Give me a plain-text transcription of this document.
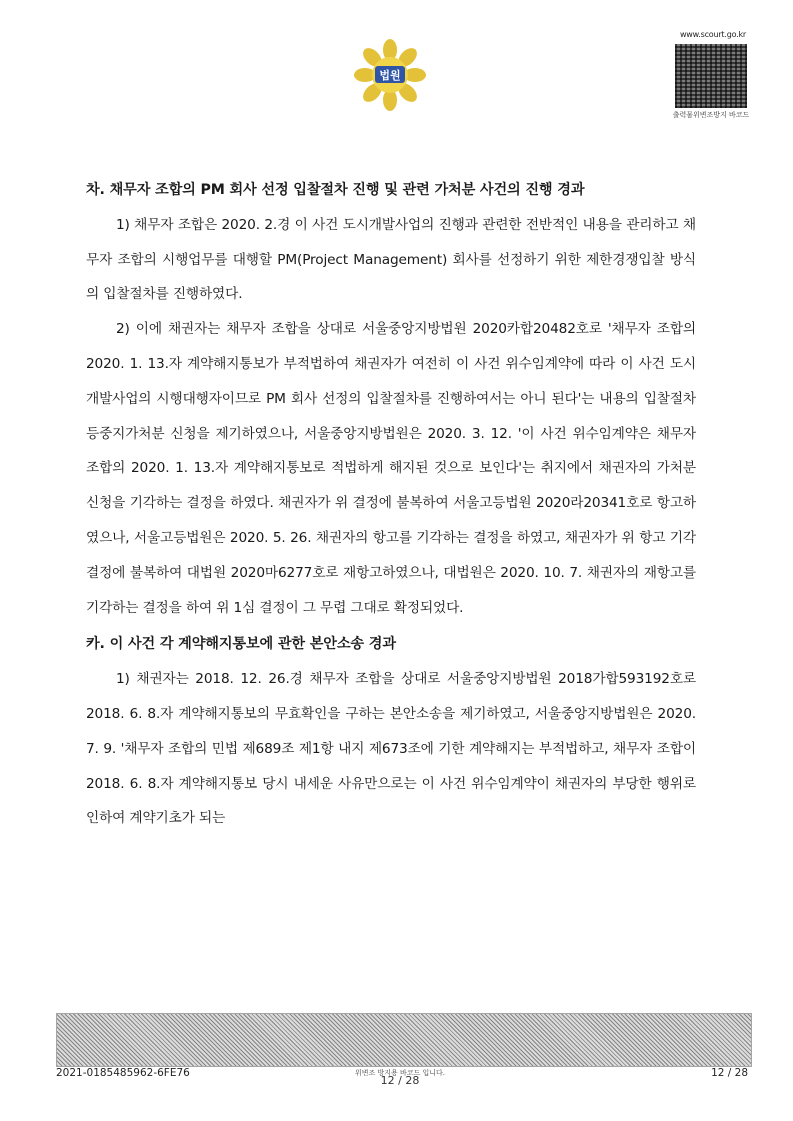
법원
www.scourt.go.kr
출력물위변조방지 바코드

차. 채무자 조합의 PM 회사 선정 입찰절차 진행 및 관련 가처분 사건의 진행 경과

1) 채무자 조합은 2020. 2.경 이 사건 도시개발사업의 진행과 관련한 전반적인 내용을 관리하고 채무자 조합의 시행업무를 대행할 PM(Project Management) 회사를 선정하기 위한 제한경쟁입찰 방식의 입찰절차를 진행하였다.

2) 이에 채권자는 채무자 조합을 상대로 서울중앙지방법원 2020카합20482호로 '채무자 조합의 2020. 1. 13.자 계약해지통보가 부적법하여 채권자가 여전히 이 사건 위수임계약에 따라 이 사건 도시개발사업의 시행대행자이므로 PM 회사 선정의 입찰절차를 진행하여서는 아니 된다'는 내용의 입찰절차등중지가처분 신청을 제기하였으나, 서울중앙지방법원은 2020. 3. 12. '이 사건 위수임계약은 채무자 조합의 2020. 1. 13.자 계약해지통보로 적법하게 해지된 것으로 보인다'는 취지에서 채권자의 가처분 신청을 기각하는 결정을 하였다. 채권자가 위 결정에 불복하여 서울고등법원 2020라20341호로 항고하였으나, 서울고등법원은 2020. 5. 26. 채권자의 항고를 기각하는 결정을 하였고, 채권자가 위 항고 기각 결정에 불복하여 대법원 2020마6277호로 재항고하였으나, 대법원은 2020. 10. 7. 채권자의 재항고를 기각하는 결정을 하여 위 1심 결정이 그 무렵 그대로 확정되었다.

카. 이 사건 각 계약해지통보에 관한 본안소송 경과

1) 채권자는 2018. 12. 26.경 채무자 조합을 상대로 서울중앙지방법원 2018가합593192호로 2018. 6. 8.자 계약해지통보의 무효확인을 구하는 본안소송을 제기하였고, 서울중앙지방법원은 2020. 7. 9. '채무자 조합의 민법 제689조 제1항 내지 제673조에 기한 계약해지는 부적법하고, 채무자 조합이 2018. 6. 8.자 계약해지통보 당시 내세운 사유만으로는 이 사건 위수임계약이 채권자의 부당한 행위로 인하여 계약기초가 되는

2021-0185485962-6FE76	위변조 방지용 바코드 입니다.
12 / 28
12 / 28
